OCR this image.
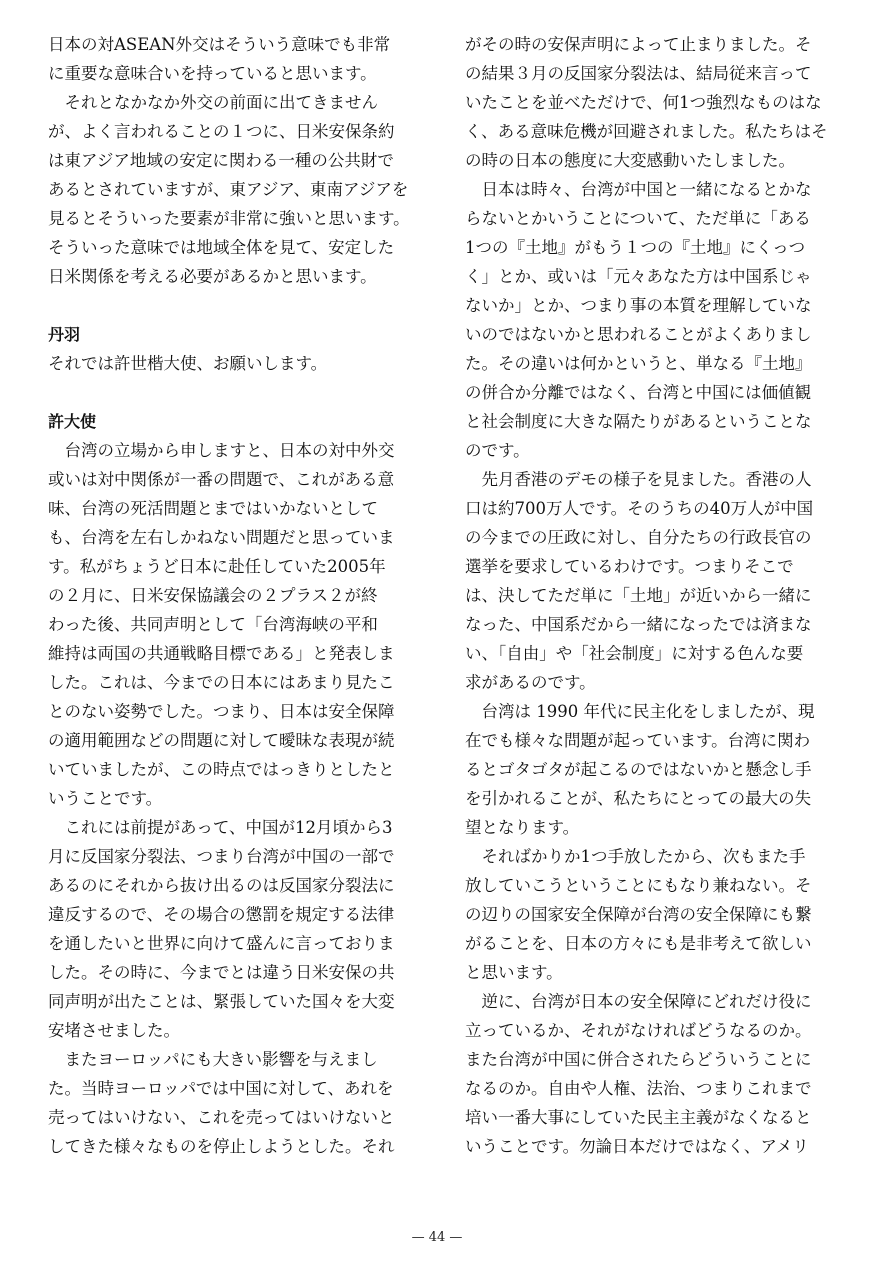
日本の対ASEAN外交はそういう意味でも非常
に重要な意味合いを持っていると思います。
　それとなかなか外交の前面に出てきません
が、よく言われることの１つに、日米安保条約
は東アジア地域の安定に関わる一種の公共財で
あるとされていますが、東アジア、東南アジアを
見るとそういった要素が非常に強いと思います。
そういった意味では地域全体を見て、安定した
日米関係を考える必要があるかと思います。
丹羽
それでは許世楷大使、お願いします。
許大使
　台湾の立場から申しますと、日本の対中外交
或いは対中関係が一番の問題で、これがある意
味、台湾の死活問題とまではいかないとして
も、台湾を左右しかねない問題だと思っていま
す。私がちょうど日本に赴任していた2005年
の２月に、日米安保協議会の２プラス２が終
わった後、共同声明として「台湾海峡の平和
維持は両国の共通戦略目標である」と発表しま
した。これは、今までの日本にはあまり見たこ
とのない姿勢でした。つまり、日本は安全保障
の適用範囲などの問題に対して曖昧な表現が続
いていましたが、この時点ではっきりとしたと
いうことです。
　これには前提があって、中国が12月頃から3
月に反国家分裂法、つまり台湾が中国の一部で
あるのにそれから抜け出るのは反国家分裂法に
違反するので、その場合の懲罰を規定する法律
を通したいと世界に向けて盛んに言っておりま
した。その時に、今までとは違う日米安保の共
同声明が出たことは、緊張していた国々を大変
安堵させました。
　またヨーロッパにも大きい影響を与えまし
た。当時ヨーロッパでは中国に対して、あれを
売ってはいけない、これを売ってはいけないと
してきた様々なものを停止しようとした。それ
がその時の安保声明によって止まりました。そ
の結果３月の反国家分裂法は、結局従来言って
いたことを並べただけで、何1つ強烈なものはな
く、ある意味危機が回避されました。私たちはそ
の時の日本の態度に大変感動いたしました。
　日本は時々、台湾が中国と一緒になるとかな
らないとかいうことについて、ただ単に「ある
1つの『土地』がもう１つの『土地』にくっつ
く」とか、或いは「元々あなた方は中国系じゃ
ないか」とか、つまり事の本質を理解していな
いのではないかと思われることがよくありまし
た。その違いは何かというと、単なる『土地』
の併合か分離ではなく、台湾と中国には価値観
と社会制度に大きな隔たりがあるということな
のです。
　先月香港のデモの様子を見ました。香港の人
口は約700万人です。そのうちの40万人が中国
の今までの圧政に対し、自分たちの行政長官の
選挙を要求しているわけです。つまりそこで
は、決してただ単に「土地」が近いから一緒に
なった、中国系だから一緒になったでは済まな
い、「自由」や「社会制度」に対する色んな要
求があるのです。
　台湾は 1990 年代に民主化をしましたが、現
在でも様々な問題が起っています。台湾に関わ
るとゴタゴタが起こるのではないかと懸念し手
を引かれることが、私たちにとっての最大の失
望となります。
　そればかりか1つ手放したから、次もまた手
放していこうということにもなり兼ねない。そ
の辺りの国家安全保障が台湾の安全保障にも繋
がることを、日本の方々にも是非考えて欲しい
と思います。
　逆に、台湾が日本の安全保障にどれだけ役に
立っているか、それがなければどうなるのか。
また台湾が中国に併合されたらどういうことに
なるのか。自由や人権、法治、つまりこれまで
培い一番大事にしていた民主主義がなくなると
いうことです。勿論日本だけではなく、アメリ
— 44 —
